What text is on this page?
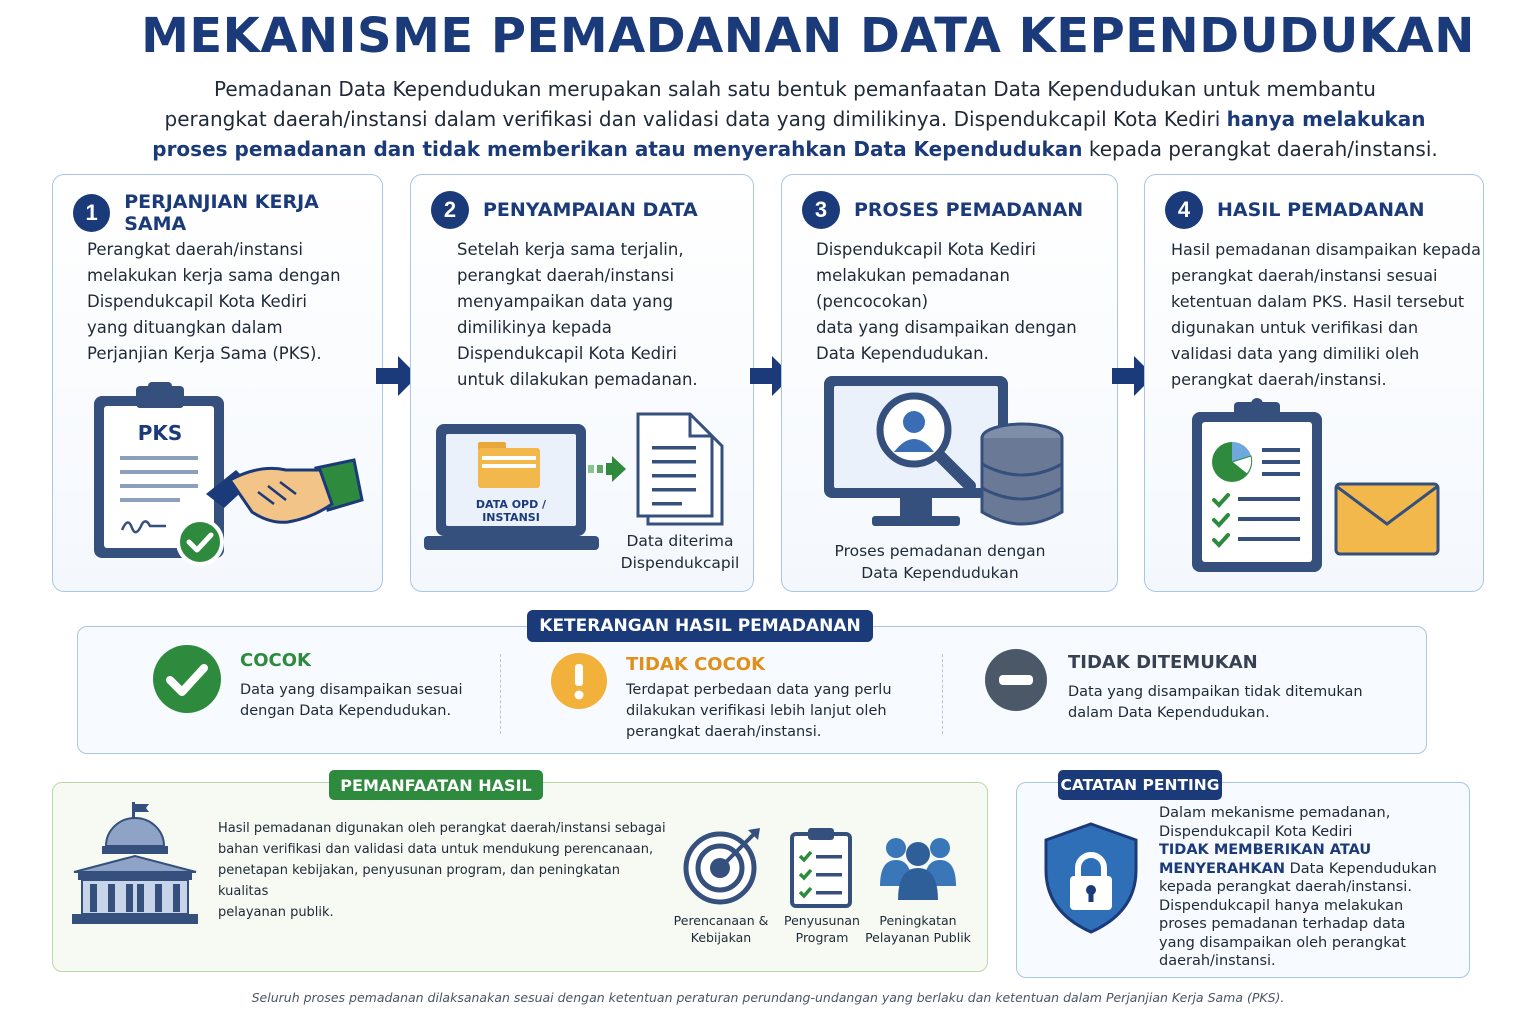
MEKANISME PEMADANAN DATA KEPENDUDUKAN
Pemadanan Data Kependudukan merupakan salah satu bentuk pemanfaatan Data Kependudukan untuk membantu
perangkat daerah/instansi dalam verifikasi dan validasi data yang dimilikinya. Dispendukcapil Kota Kediri hanya melakukan
proses pemadanan dan tidak memberikan atau menyerahkan Data Kependudukan kepada perangkat daerah/instansi.
1	PERJANJIAN KERJA SAMA
Perangkat daerah/instansi
melakukan kerja sama dengan
Dispendukcapil Kota Kediri
yang dituangkan dalam
Perjanjian Kerja Sama (PKS).
PKS
2	PENYAMPAIAN DATA
Setelah kerja sama terjalin,
perangkat daerah/instansi
menyampaikan data yang
dimilikinya kepada
Dispendukcapil Kota Kediri
untuk dilakukan pemadanan.
DATA OPD /
INSTANSI
Data diterima
Dispendukcapil
3	PROSES PEMADANAN
Dispendukcapil Kota Kediri
melakukan pemadanan (pencocokan)
data yang disampaikan dengan
Data Kependudukan.
Proses pemadanan dengan
Data Kependudukan
4	HASIL PEMADANAN
Hasil pemadanan disampaikan kepada
perangkat daerah/instansi sesuai
ketentuan dalam PKS. Hasil tersebut
digunakan untuk verifikasi dan
validasi data yang dimiliki oleh
perangkat daerah/instansi.
KETERANGAN HASIL PEMADANAN
COCOK
Data yang disampaikan sesuai
dengan Data Kependudukan.
TIDAK COCOK
Terdapat perbedaan data yang perlu
dilakukan verifikasi lebih lanjut oleh
perangkat daerah/instansi.
TIDAK DITEMUKAN
Data yang disampaikan tidak ditemukan
dalam Data Kependudukan.
PEMANFAATAN HASIL
Hasil pemadanan digunakan oleh perangkat daerah/instansi sebagai
bahan verifikasi dan validasi data untuk mendukung perencanaan,
penetapan kebijakan, penyusunan program, dan peningkatan kualitas
pelayanan publik.
Perencanaan &
Kebijakan
Penyusunan
Program
Peningkatan
Pelayanan Publik
CATATAN PENTING
Dalam mekanisme pemadanan,
Dispendukcapil Kota Kediri
TIDAK MEMBERIKAN ATAU
MENYERAHKAN Data Kependudukan
kepada perangkat daerah/instansi.
Dispendukcapil hanya melakukan
proses pemadanan terhadap data
yang disampaikan oleh perangkat
daerah/instansi.
Seluruh proses pemadanan dilaksanakan sesuai dengan ketentuan peraturan perundang-undangan yang berlaku dan ketentuan dalam Perjanjian Kerja Sama (PKS).
